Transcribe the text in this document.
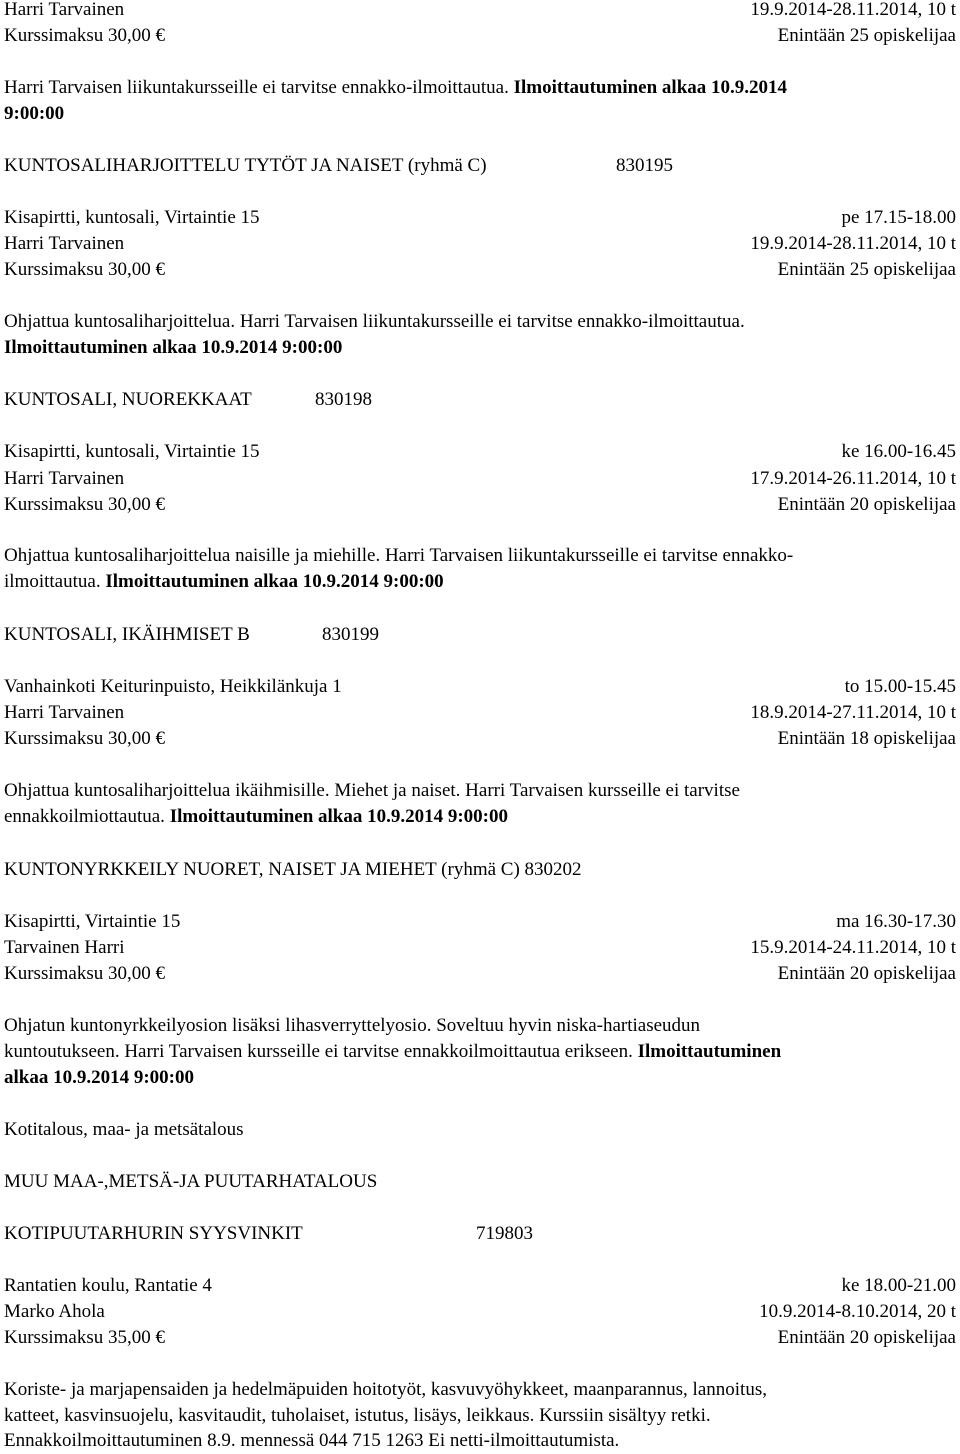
Harri Tarvainen	19.9.2014-28.11.2014, 10 t
Kurssimaksu 30,00 €	Enintään 25 opiskelijaa
Harri Tarvaisen liikuntakursseille ei tarvitse ennakko-ilmoittautua. Ilmoittautuminen alkaa 10.9.2014
9:00:00
KUNTOSALIHARJOITTELU TYTÖT JA NAISET (ryhmä C)	830195
Kisapirtti, kuntosali, Virtaintie 15	pe 17.15-18.00
Harri Tarvainen	19.9.2014-28.11.2014, 10 t
Kurssimaksu 30,00 €	Enintään 25 opiskelijaa
Ohjattua kuntosaliharjoittelua. Harri Tarvaisen liikuntakursseille ei tarvitse ennakko-ilmoittautua.
Ilmoittautuminen alkaa 10.9.2014 9:00:00
KUNTOSALI, NUOREKKAAT	830198
Kisapirtti, kuntosali, Virtaintie 15	ke 16.00-16.45
Harri Tarvainen	17.9.2014-26.11.2014, 10 t
Kurssimaksu 30,00 €	Enintään 20 opiskelijaa
Ohjattua kuntosaliharjoittelua naisille ja miehille. Harri Tarvaisen liikuntakursseille ei tarvitse ennakko-
ilmoittautua. Ilmoittautuminen alkaa 10.9.2014 9:00:00
KUNTOSALI, IKÄIHMISET B	830199
Vanhainkoti Keiturinpuisto, Heikkilänkuja 1	to 15.00-15.45
Harri Tarvainen	18.9.2014-27.11.2014, 10 t
Kurssimaksu 30,00 €	Enintään 18 opiskelijaa
Ohjattua kuntosaliharjoittelua ikäihmisille. Miehet ja naiset. Harri Tarvaisen kursseille ei tarvitse
ennakkoilmiottautua. Ilmoittautuminen alkaa 10.9.2014 9:00:00
KUNTONYRKKEILY NUORET, NAISET JA MIEHET (ryhmä C) 830202
Kisapirtti, Virtaintie 15	ma 16.30-17.30
Tarvainen Harri	15.9.2014-24.11.2014, 10 t
Kurssimaksu 30,00 €	Enintään 20 opiskelijaa
Ohjatun kuntonyrkkeilyosion lisäksi lihasverryttelyosio. Soveltuu hyvin niska-hartiaseudun
kuntoutukseen. Harri Tarvaisen kursseille ei tarvitse ennakkoilmoittautua erikseen. Ilmoittautuminen
alkaa 10.9.2014 9:00:00
Kotitalous, maa- ja metsätalous
MUU MAA-,METSÄ-JA PUUTARHATALOUS
KOTIPUUTARHURIN SYYSVINKIT	719803
Rantatien koulu, Rantatie 4	ke 18.00-21.00
Marko Ahola	10.9.2014-8.10.2014, 20 t
Kurssimaksu 35,00 €	Enintään 20 opiskelijaa
Koriste- ja marjapensaiden ja hedelmäpuiden hoitotyöt, kasvuvyöhykkeet, maanparannus, lannoitus,
katteet, kasvinsuojelu, kasvitaudit, tuholaiset, istutus, lisäys, leikkaus. Kurssiin sisältyy retki.
Ennakkoilmoittautuminen 8.9. mennessä 044 715 1263 Ei netti-ilmoittautumista.
